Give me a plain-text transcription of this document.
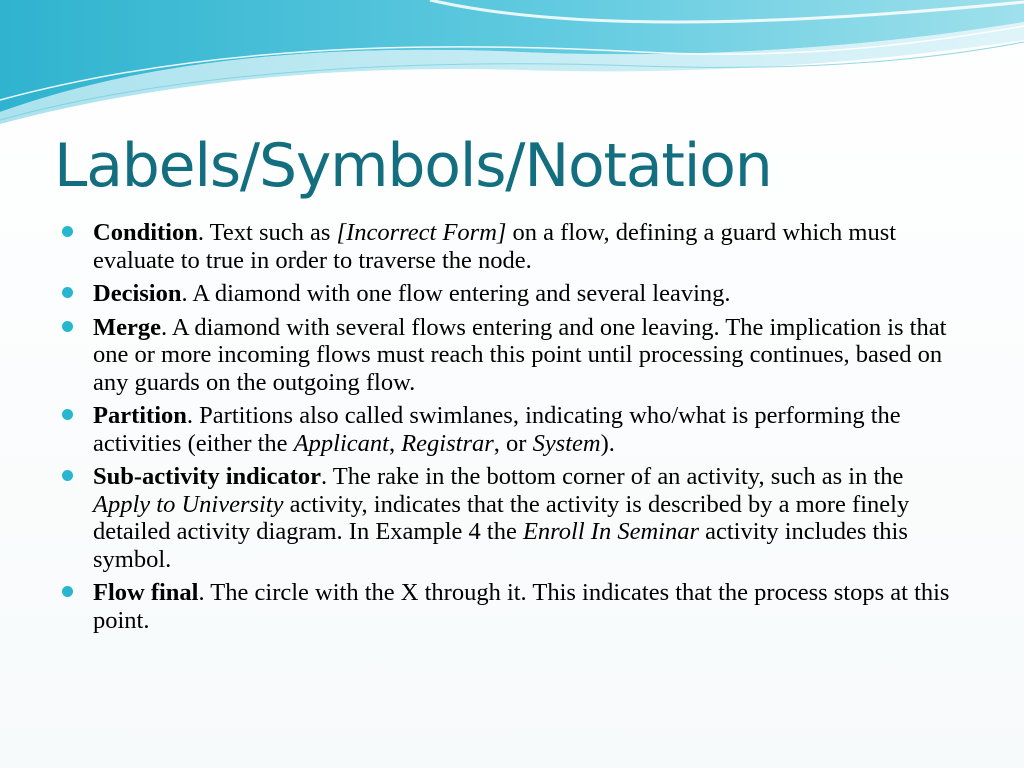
Labels/Symbols/Notation
Condition. Text such as [Incorrect Form] on a flow, defining a guard which must evaluate to true in order to traverse the node.
Decision. A diamond with one flow entering and several leaving.
Merge. A diamond with several flows entering and one leaving. The implication is that one or more incoming flows must reach this point until processing continues, based on any guards on the outgoing flow.
Partition. Partitions also called swimlanes, indicating who/what is performing the activities (either the Applicant, Registrar, or System).
Sub-activity indicator. The rake in the bottom corner of an activity, such as in the Apply to University activity, indicates that the activity is described by a more finely detailed activity diagram. In Example 4 the Enroll In Seminar activity includes this symbol.
Flow final. The circle with the X through it. This indicates that the process stops at this point.
